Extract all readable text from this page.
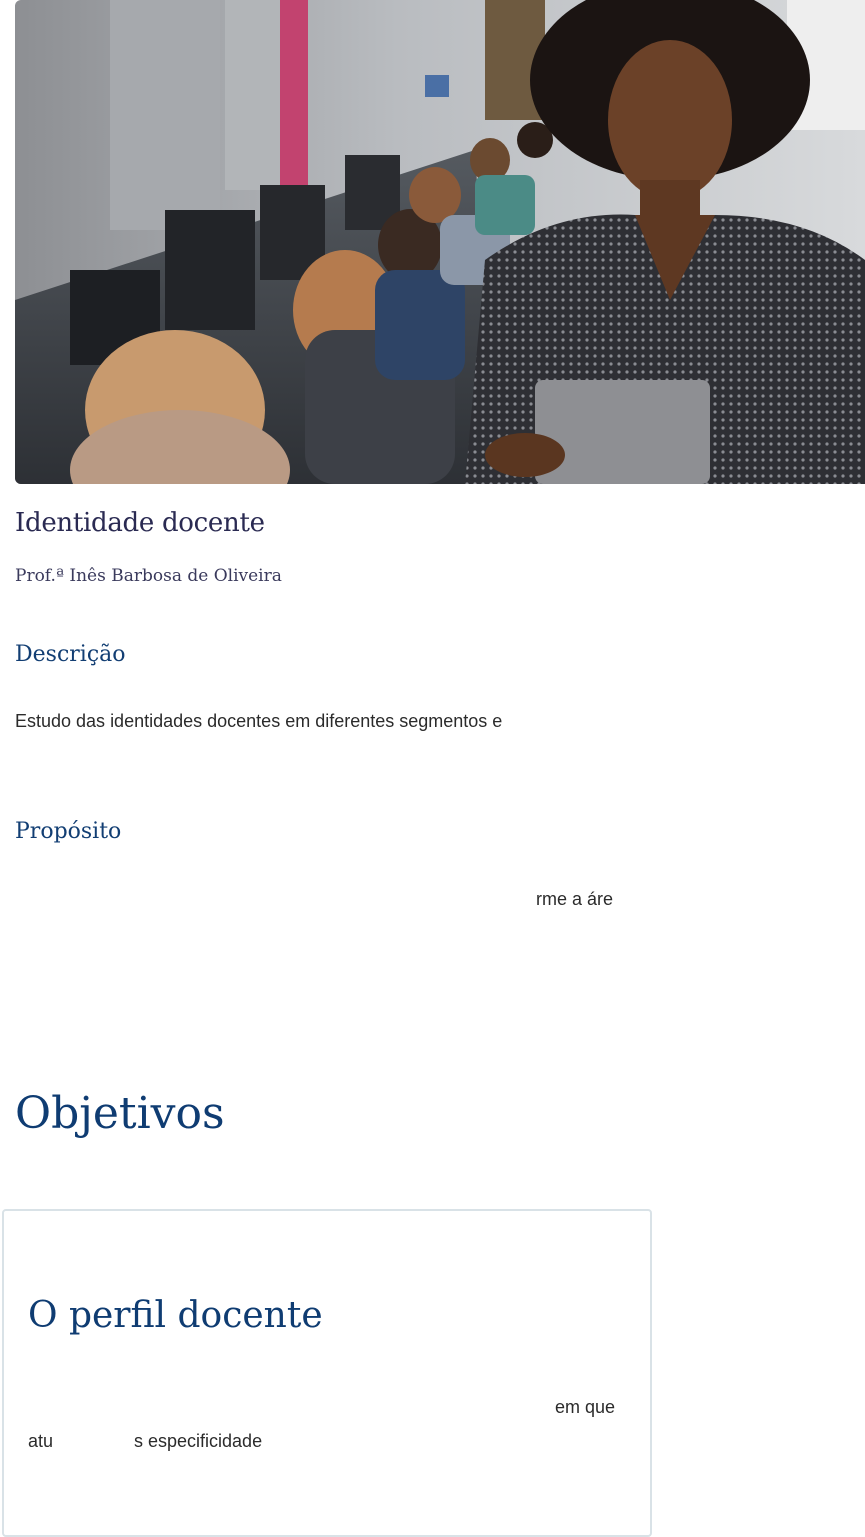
Identidade docente
Prof.ª Inês Barbosa de Oliveira
Descrição
Estudo das identidades docentes em diferentes segmentos e
Propósito
rme a áre
Objetivos
O perfil docente
em que
atu	s especificidade
